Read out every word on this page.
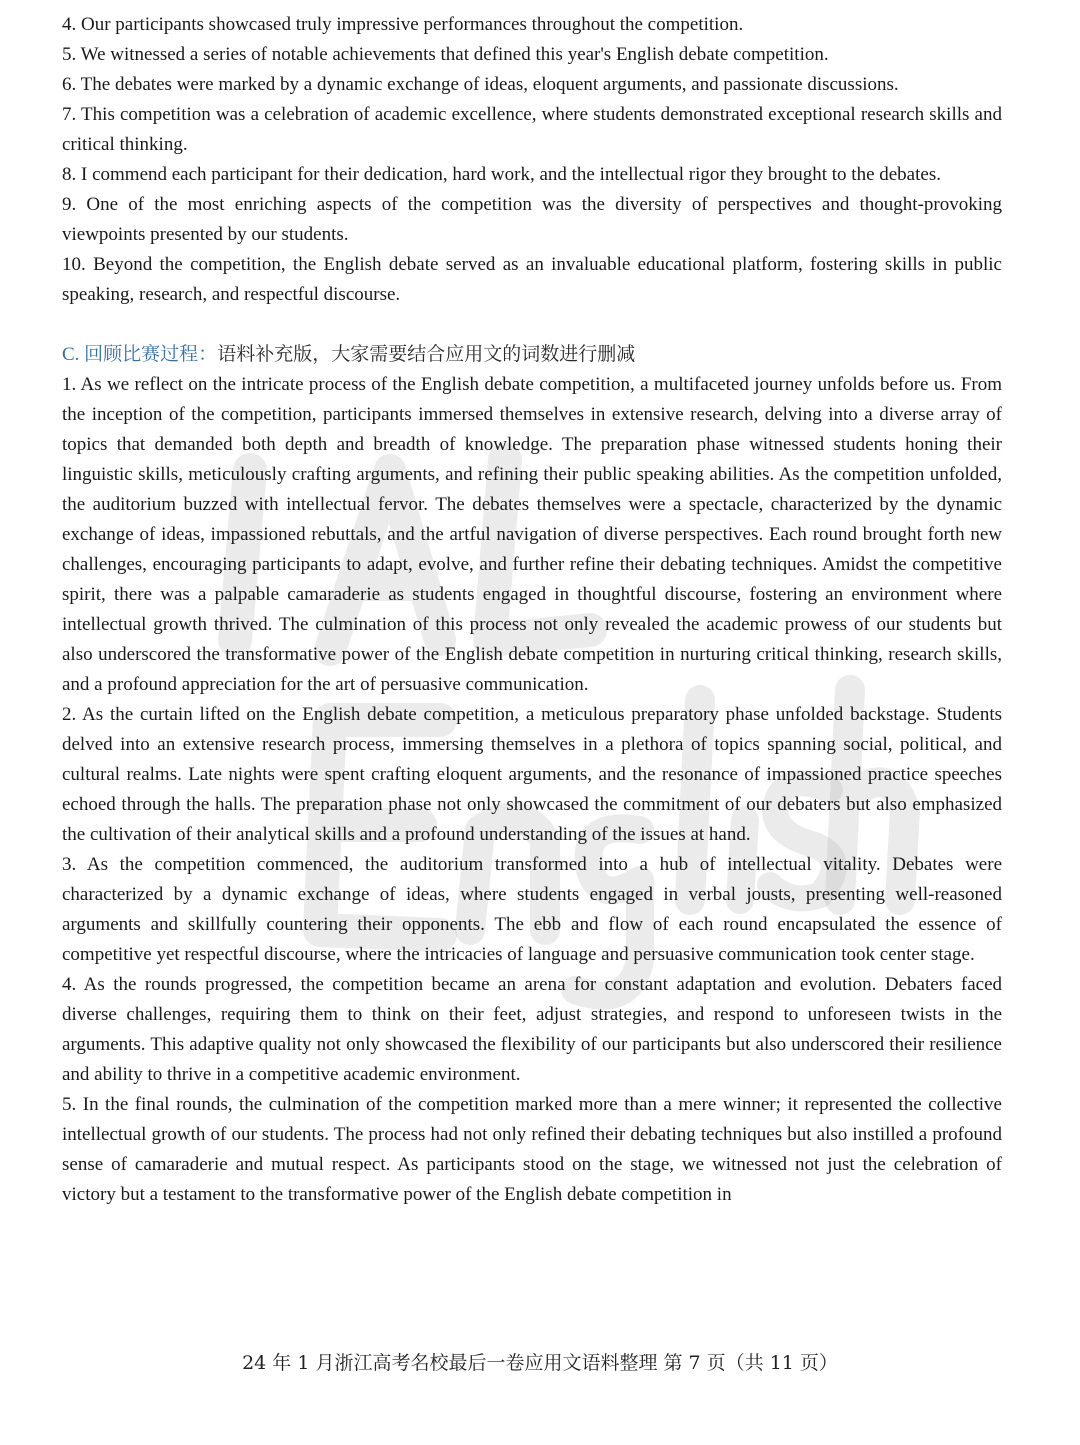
4. Our participants showcased truly impressive performances throughout the competition.

5. We witnessed a series of notable achievements that defined this year's English debate competition.

6. The debates were marked by a dynamic exchange of ideas, eloquent arguments, and passionate discussions.

7. This competition was a celebration of academic excellence, where students demonstrated exceptional research skills and critical thinking.

8. I commend each participant for their dedication, hard work, and the intellectual rigor they brought to the debates.

9. One of the most enriching aspects of the competition was the diversity of perspectives and thought-provoking viewpoints presented by our students.

10. Beyond the competition, the English debate served as an invaluable educational platform, fostering skills in public speaking, research, and respectful discourse.

C. 回顾比赛过程：语料补充版，大家需要结合应用文的词数进行删减

1. As we reflect on the intricate process of the English debate competition, a multifaceted journey unfolds before us. From the inception of the competition, participants immersed themselves in extensive research, delving into a diverse array of topics that demanded both depth and breadth of knowledge. The preparation phase witnessed students honing their linguistic skills, meticulously crafting arguments, and refining their public speaking abilities. As the competition unfolded, the auditorium buzzed with intellectual fervor. The debates themselves were a spectacle, characterized by the dynamic exchange of ideas, impassioned rebuttals, and the artful navigation of diverse perspectives. Each round brought forth new challenges, encouraging participants to adapt, evolve, and further refine their debating techniques. Amidst the competitive spirit, there was a palpable camaraderie as students engaged in thoughtful discourse, fostering an environment where intellectual growth thrived. The culmination of this process not only revealed the academic prowess of our students but also underscored the transformative power of the English debate competition in nurturing critical thinking, research skills, and a profound appreciation for the art of persuasive communication.

2. As the curtain lifted on the English debate competition, a meticulous preparatory phase unfolded backstage. Students delved into an extensive research process, immersing themselves in a plethora of topics spanning social, political, and cultural realms. Late nights were spent crafting eloquent arguments, and the resonance of impassioned practice speeches echoed through the halls. The preparation phase not only showcased the commitment of our debaters but also emphasized the cultivation of their analytical skills and a profound understanding of the issues at hand.

3. As the competition commenced, the auditorium transformed into a hub of intellectual vitality. Debates were characterized by a dynamic exchange of ideas, where students engaged in verbal jousts, presenting well-reasoned arguments and skillfully countering their opponents. The ebb and flow of each round encapsulated the essence of competitive yet respectful discourse, where the intricacies of language and persuasive communication took center stage.

4. As the rounds progressed, the competition became an arena for constant adaptation and evolution. Debaters faced diverse challenges, requiring them to think on their feet, adjust strategies, and respond to unforeseen twists in the arguments. This adaptive quality not only showcased the flexibility of our participants but also underscored their resilience and ability to thrive in a competitive academic environment.

5. In the final rounds, the culmination of the competition marked more than a mere winner; it represented the collective intellectual growth of our students. The process had not only refined their debating techniques but also instilled a profound sense of camaraderie and mutual respect. As participants stood on the stage, we witnessed not just the celebration of victory but a testament to the transformative power of the English debate competition in

24 年 1 月浙江高考名校最后一卷应用文语料整理 第 7 页（共 11 页）
